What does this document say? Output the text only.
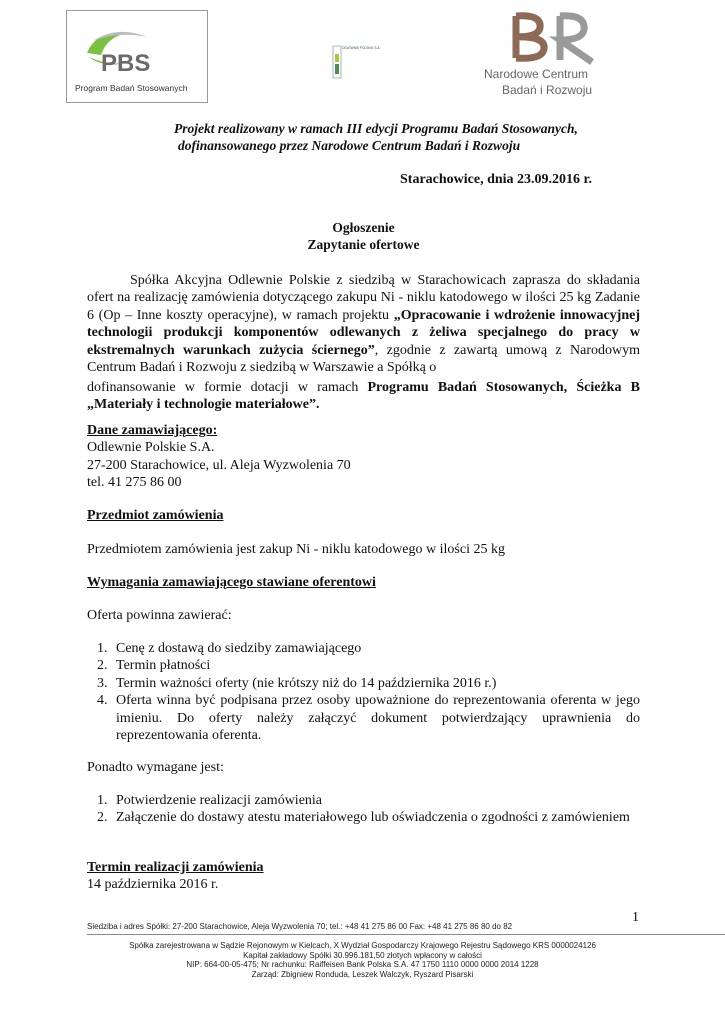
PBS
Program Badań Stosowanych
ODLEWNIE POLSKIE S.A.
Narodowe Centrum
Badań i Rozwoju
Projekt realizowany w ramach III edycji Programu Badań Stosowanych,
dofinansowanego przez Narodowe Centrum Badań i Rozwoju
Starachowice, dnia 23.09.2016 r.
Ogłoszenie
Zapytanie ofertowe
Spółka Akcyjna Odlewnie Polskie z siedzibą w Starachowicach zaprasza do składania ofert na realizację zamówienia dotyczącego zakupu Ni - niklu katodowego w ilości 25 kg Zadanie 6 (Op – Inne koszty operacyjne), w ramach projektu „Opracowanie i wdrożenie innowacyjnej technologii produkcji komponentów odlewanych z żeliwa specjalnego do pracy w ekstremalnych warunkach zużycia ściernego”, zgodnie z zawartą umową z Narodowym Centrum Badań i Rozwoju z siedzibą w Warszawie a Spółką o
dofinansowanie w formie dotacji w ramach Programu Badań Stosowanych, Ścieżka B „Materiały i technologie materiałowe”.
Dane zamawiającego:
Odlewnie Polskie S.A.
27-200 Starachowice, ul. Aleja Wyzwolenia 70
tel. 41 275 86 00
Przedmiot zamówienia
Przedmiotem zamówienia jest zakup Ni - niklu katodowego w ilości 25 kg
Wymagania zamawiającego stawiane oferentowi
Oferta powinna zawierać:
1. Cenę z dostawą do siedziby zamawiającego
2. Termin płatności
3. Termin ważności oferty (nie krótszy niż do 14 października 2016 r.)
4. Oferta winna być podpisana przez osoby upoważnione do reprezentowania oferenta w jego imieniu. Do oferty należy załączyć dokument potwierdzający uprawnienia do reprezentowania oferenta.
Ponadto wymagane jest:
1. Potwierdzenie realizacji zamówienia
2. Załączenie do dostawy atestu materiałowego lub oświadczenia o zgodności z zamówieniem
Termin realizacji zamówienia
14 października 2016 r.
1
Siedziba i adres Spółki: 27-200 Starachowice, Aleja Wyzwolenia 70; tel.: +48 41 275 86 00 Fax: +48 41 275 86 80 do 82
Spółka zarejestrowana w Sądzie Rejonowym w Kielcach, X Wydział Gospodarczy Krajowego Rejestru Sądowego KRS 0000024126
Kapitał zakładowy Spółki 30.996.181,50 złotych wpłacony w całości
NIP: 664-00-05-475; Nr rachunku: Raiffeisen Bank Polska S.A. 47 1750 1110 0000 0000 2014 1228
Zarząd: Zbigniew Ronduda, Leszek Walczyk, Ryszard Pisarski
